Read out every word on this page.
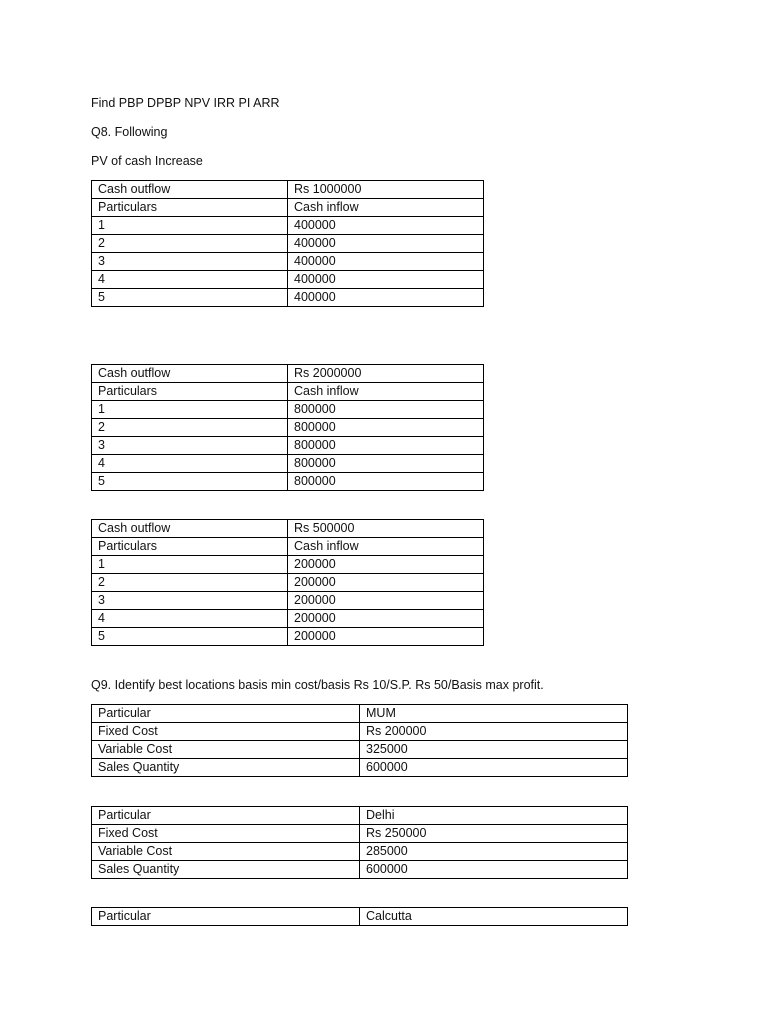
Find PBP DPBP NPV IRR PI ARR
Q8. Following
PV of cash Increase
Cash outflow	Rs 1000000
Particulars	Cash inflow
1	400000
2	400000
3	400000
4	400000
5	400000
Cash outflow	Rs 2000000
Particulars	Cash inflow
1	800000
2	800000
3	800000
4	800000
5	800000
Cash outflow	Rs 500000
Particulars	Cash inflow
1	200000
2	200000
3	200000
4	200000
5	200000
Q9. Identify best locations basis min cost/basis Rs 10/S.P. Rs 50/Basis max profit.
Particular	MUM
Fixed Cost	Rs 200000
Variable Cost	325000
Sales Quantity	600000
Particular	Delhi
Fixed Cost	Rs 250000
Variable Cost	285000
Sales Quantity	600000
Particular	Calcutta
